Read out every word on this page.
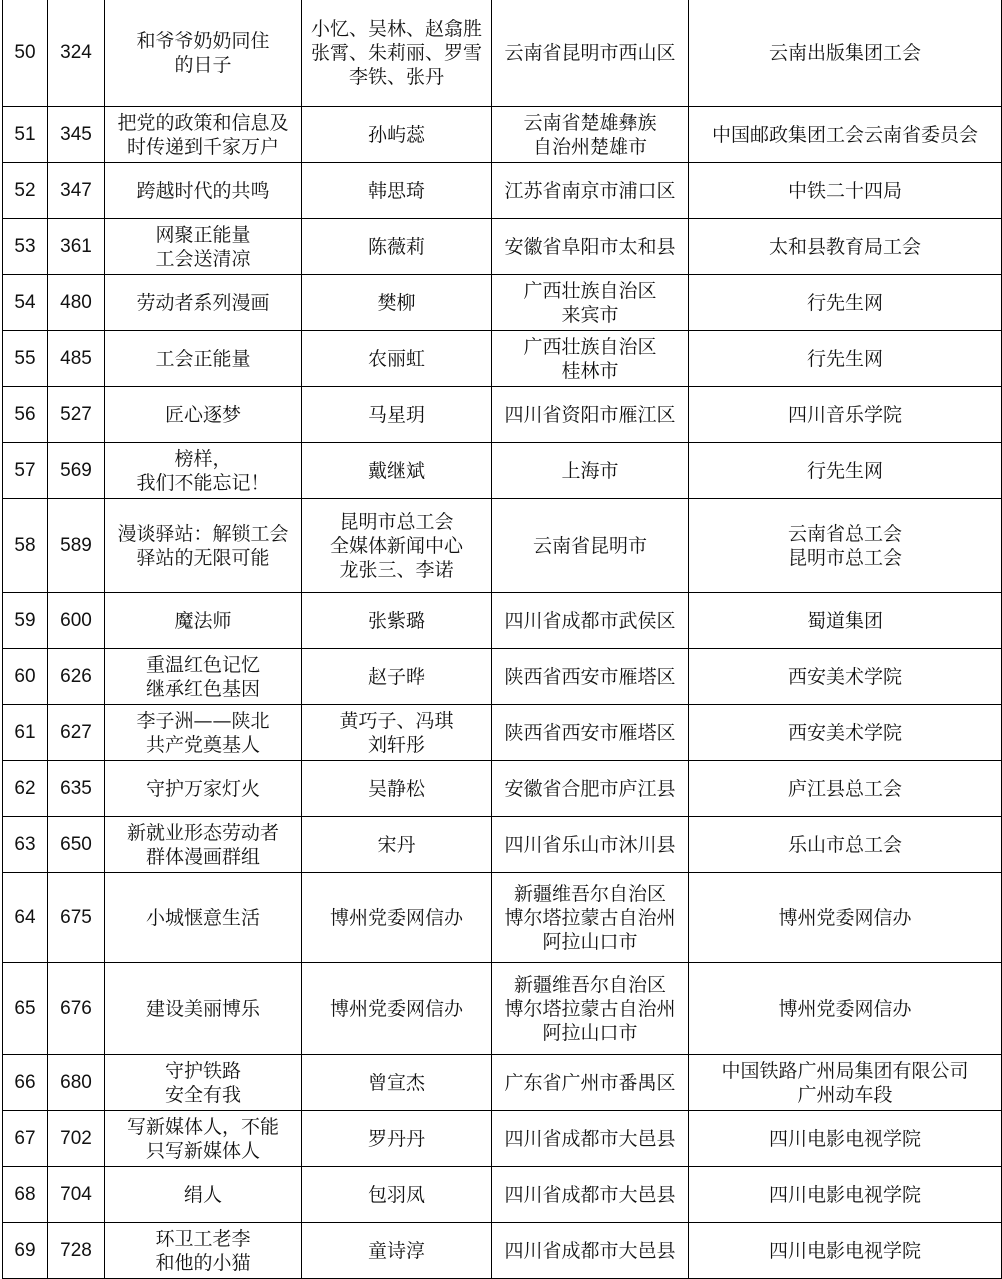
50	324	和爷爷奶奶同住
的日子	小忆、吴林、赵翕胜
张霄、朱莉丽、罗雪
李铁、张丹	云南省昆明市西山区	云南出版集团工会

51	345	把党的政策和信息及
时传递到千家万户	孙屿蕊	云南省楚雄彝族
自治州楚雄市	中国邮政集团工会云南省委员会

52	347	跨越时代的共鸣	韩思琦	江苏省南京市浦口区	中铁二十四局

53	361	网聚正能量
工会送清凉	陈薇莉	安徽省阜阳市太和县	太和县教育局工会

54	480	劳动者系列漫画	樊柳	广西壮族自治区
来宾市	行先生网

55	485	工会正能量	农丽虹	广西壮族自治区
桂林市	行先生网

56	527	匠心逐梦	马星玥	四川省资阳市雁江区	四川音乐学院

57	569	榜样，
我们不能忘记！	戴继斌	上海市	行先生网

58	589	漫谈驿站：解锁工会
驿站的无限可能	昆明市总工会
全媒体新闻中心
龙张三、李诺	云南省昆明市	云南省总工会
昆明市总工会

59	600	魔法师	张紫璐	四川省成都市武侯区	蜀道集团

60	626	重温红色记忆
继承红色基因	赵子晔	陕西省西安市雁塔区	西安美术学院

61	627	李子洲——陕北
共产党奠基人	黄巧子、冯琪
刘轩彤	陕西省西安市雁塔区	西安美术学院

62	635	守护万家灯火	吴静松	安徽省合肥市庐江县	庐江县总工会

63	650	新就业形态劳动者
群体漫画群组	宋丹	四川省乐山市沐川县	乐山市总工会

64	675	小城惬意生活	博州党委网信办	新疆维吾尔自治区
博尔塔拉蒙古自治州
阿拉山口市	博州党委网信办

65	676	建设美丽博乐	博州党委网信办	新疆维吾尔自治区
博尔塔拉蒙古自治州
阿拉山口市	博州党委网信办

66	680	守护铁路
安全有我	曾宣杰	广东省广州市番禺区	中国铁路广州局集团有限公司
广州动车段

67	702	写新媒体人，不能
只写新媒体人	罗丹丹	四川省成都市大邑县	四川电影电视学院

68	704	绢人	包羽凤	四川省成都市大邑县	四川电影电视学院

69	728	环卫工老李
和他的小猫	童诗淳	四川省成都市大邑县	四川电影电视学院
